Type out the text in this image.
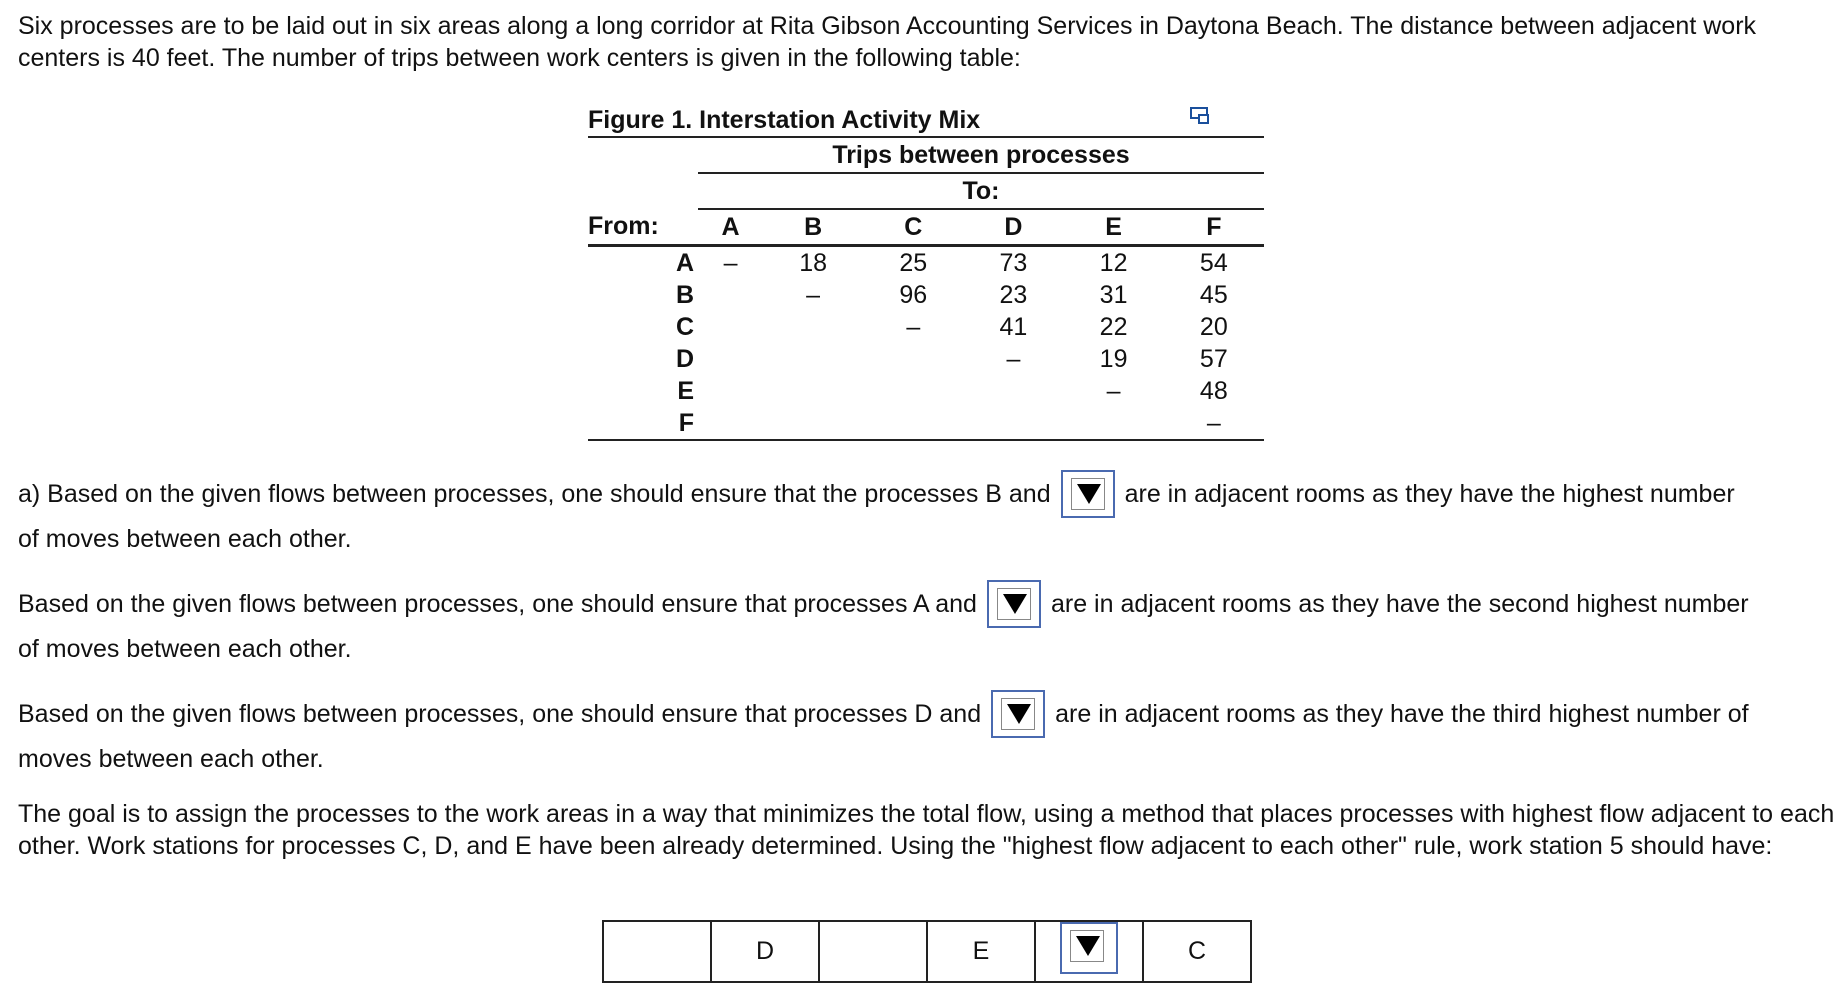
Six processes are to be laid out in six areas along a long corridor at Rita Gibson Accounting Services in Daytona Beach. The distance between adjacent work centers is 40 feet. The number of trips between work centers is given in the following table:

Figure 1. Interstation Activity Mix
	Trips between processes					
	To:					
From:	A	B	C	D	E	F
A	–	18	25	73	12	54
B		–	96	23	31	45
C			–	41	22	20
D				–	19	57
E					–	48
F						–
a) Based on the given flows between processes, one should ensure that the processes B and	are in adjacent rooms as they have the highest number
of moves between each other.
Based on the given flows between processes, one should ensure that processes A and	are in adjacent rooms as they have the second highest number
of moves between each other.
Based on the given flows between processes, one should ensure that processes D and	are in adjacent rooms as they have the third highest number of
moves between each other.

The goal is to assign the processes to the work areas in a way that minimizes the total flow, using a method that places processes with highest flow adjacent to each other. Work stations for processes C, D, and E have been already determined. Using the "highest flow adjacent to each other" rule, work station 5 should have:

	D		E		C
